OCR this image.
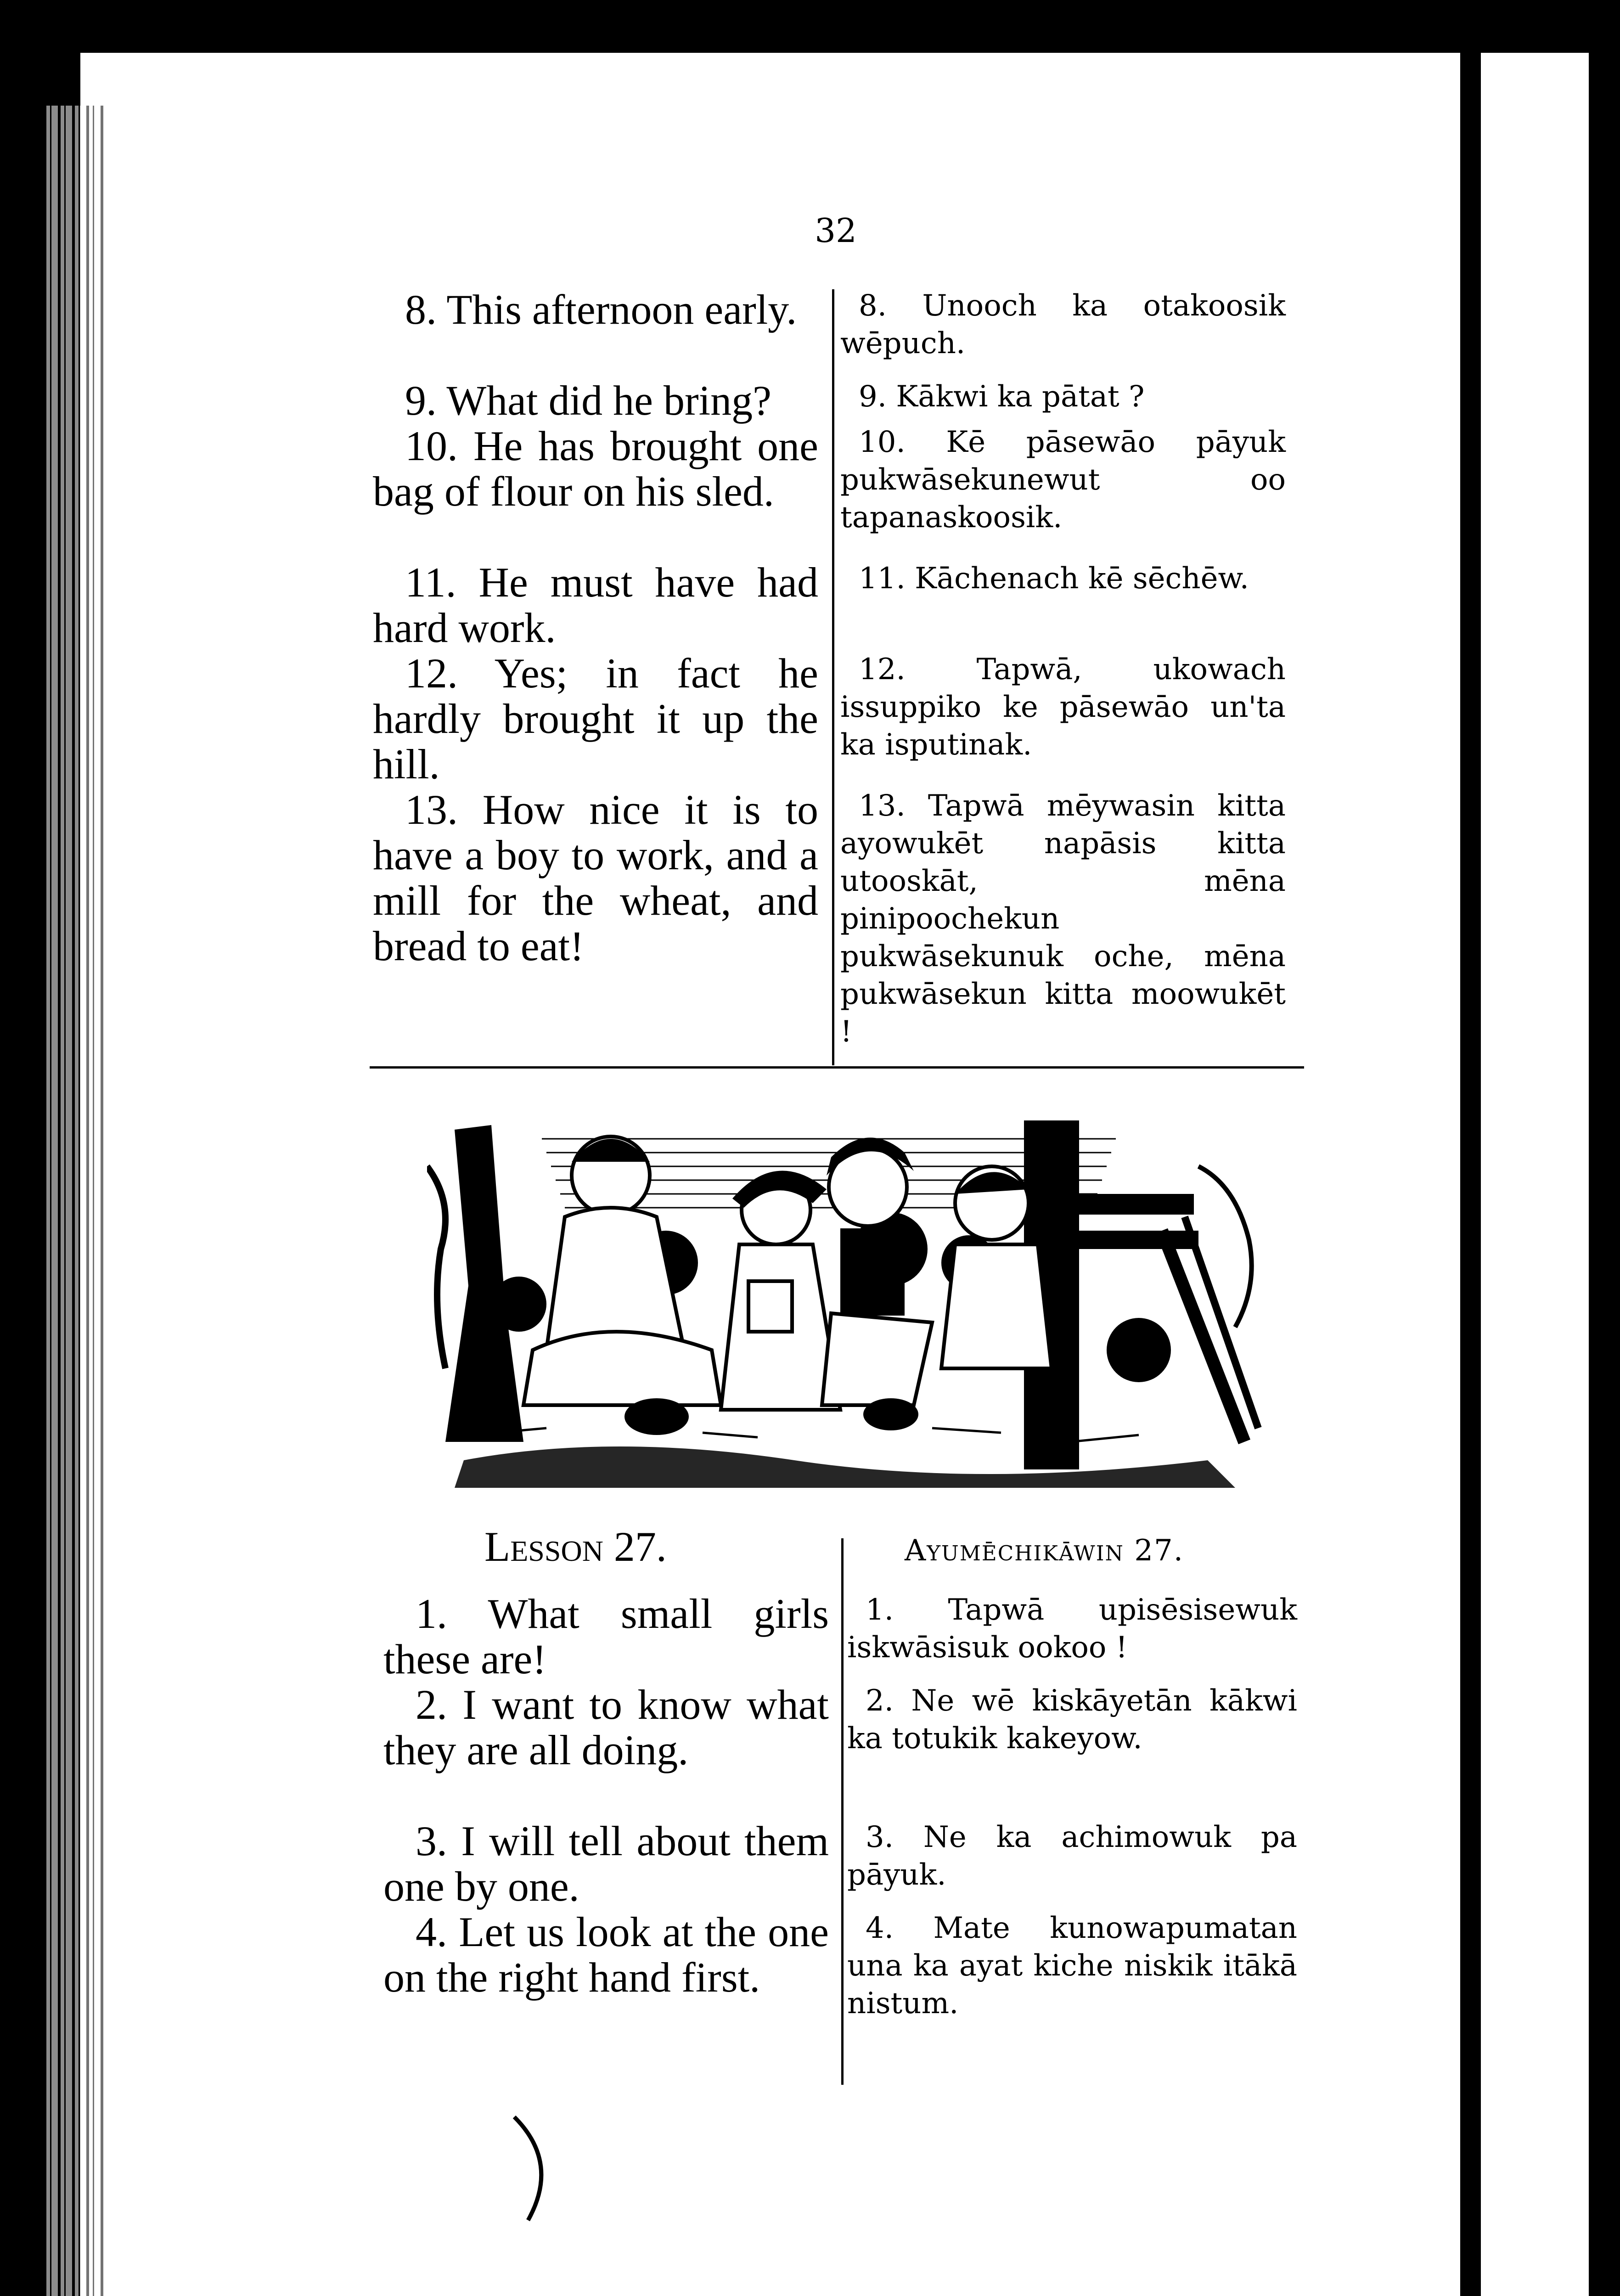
32
8. This afternoon early.
9. What did he bring?
10. He has brought one bag of flour on his sled.
11. He must have had hard work.
12. Yes; in fact he hardly brought it up the hill.
13. How nice it is to have a boy to work, and a mill for the wheat, and bread to eat!
8. Unooch ka otakoosik wēpuch.
9. Kākwi ka pātat ?
10. Kē pāsewāo pāyuk pukwāsekunewut oo tapanaskoosik.
11. Kāchenach kē sēchēw.
12. Tapwā, ukowach issuppiko ke pāsewāo un'ta ka isputinak.
13. Tapwā mēywasin kitta ayowukēt napāsis kitta utooskāt, mēna pinipoochekun pukwāsekunuk oche, mēna pukwāsekun kitta moowukēt !
Lesson 27.	Ayumēchikāwin 27.
1. What small girls these are!
2. I want to know what they are all doing.
3. I will tell about them one by one.
4. Let us look at the one on the right hand first.
1. Tapwā upisēsisewuk iskwāsisuk ookoo !
2. Ne wē kiskāyetān kākwi ka totukik kakeyow.
3. Ne ka achimowuk pa pāyuk.
4. Mate kunowapumatan una ka ayat kiche niskik itākā nistum.
